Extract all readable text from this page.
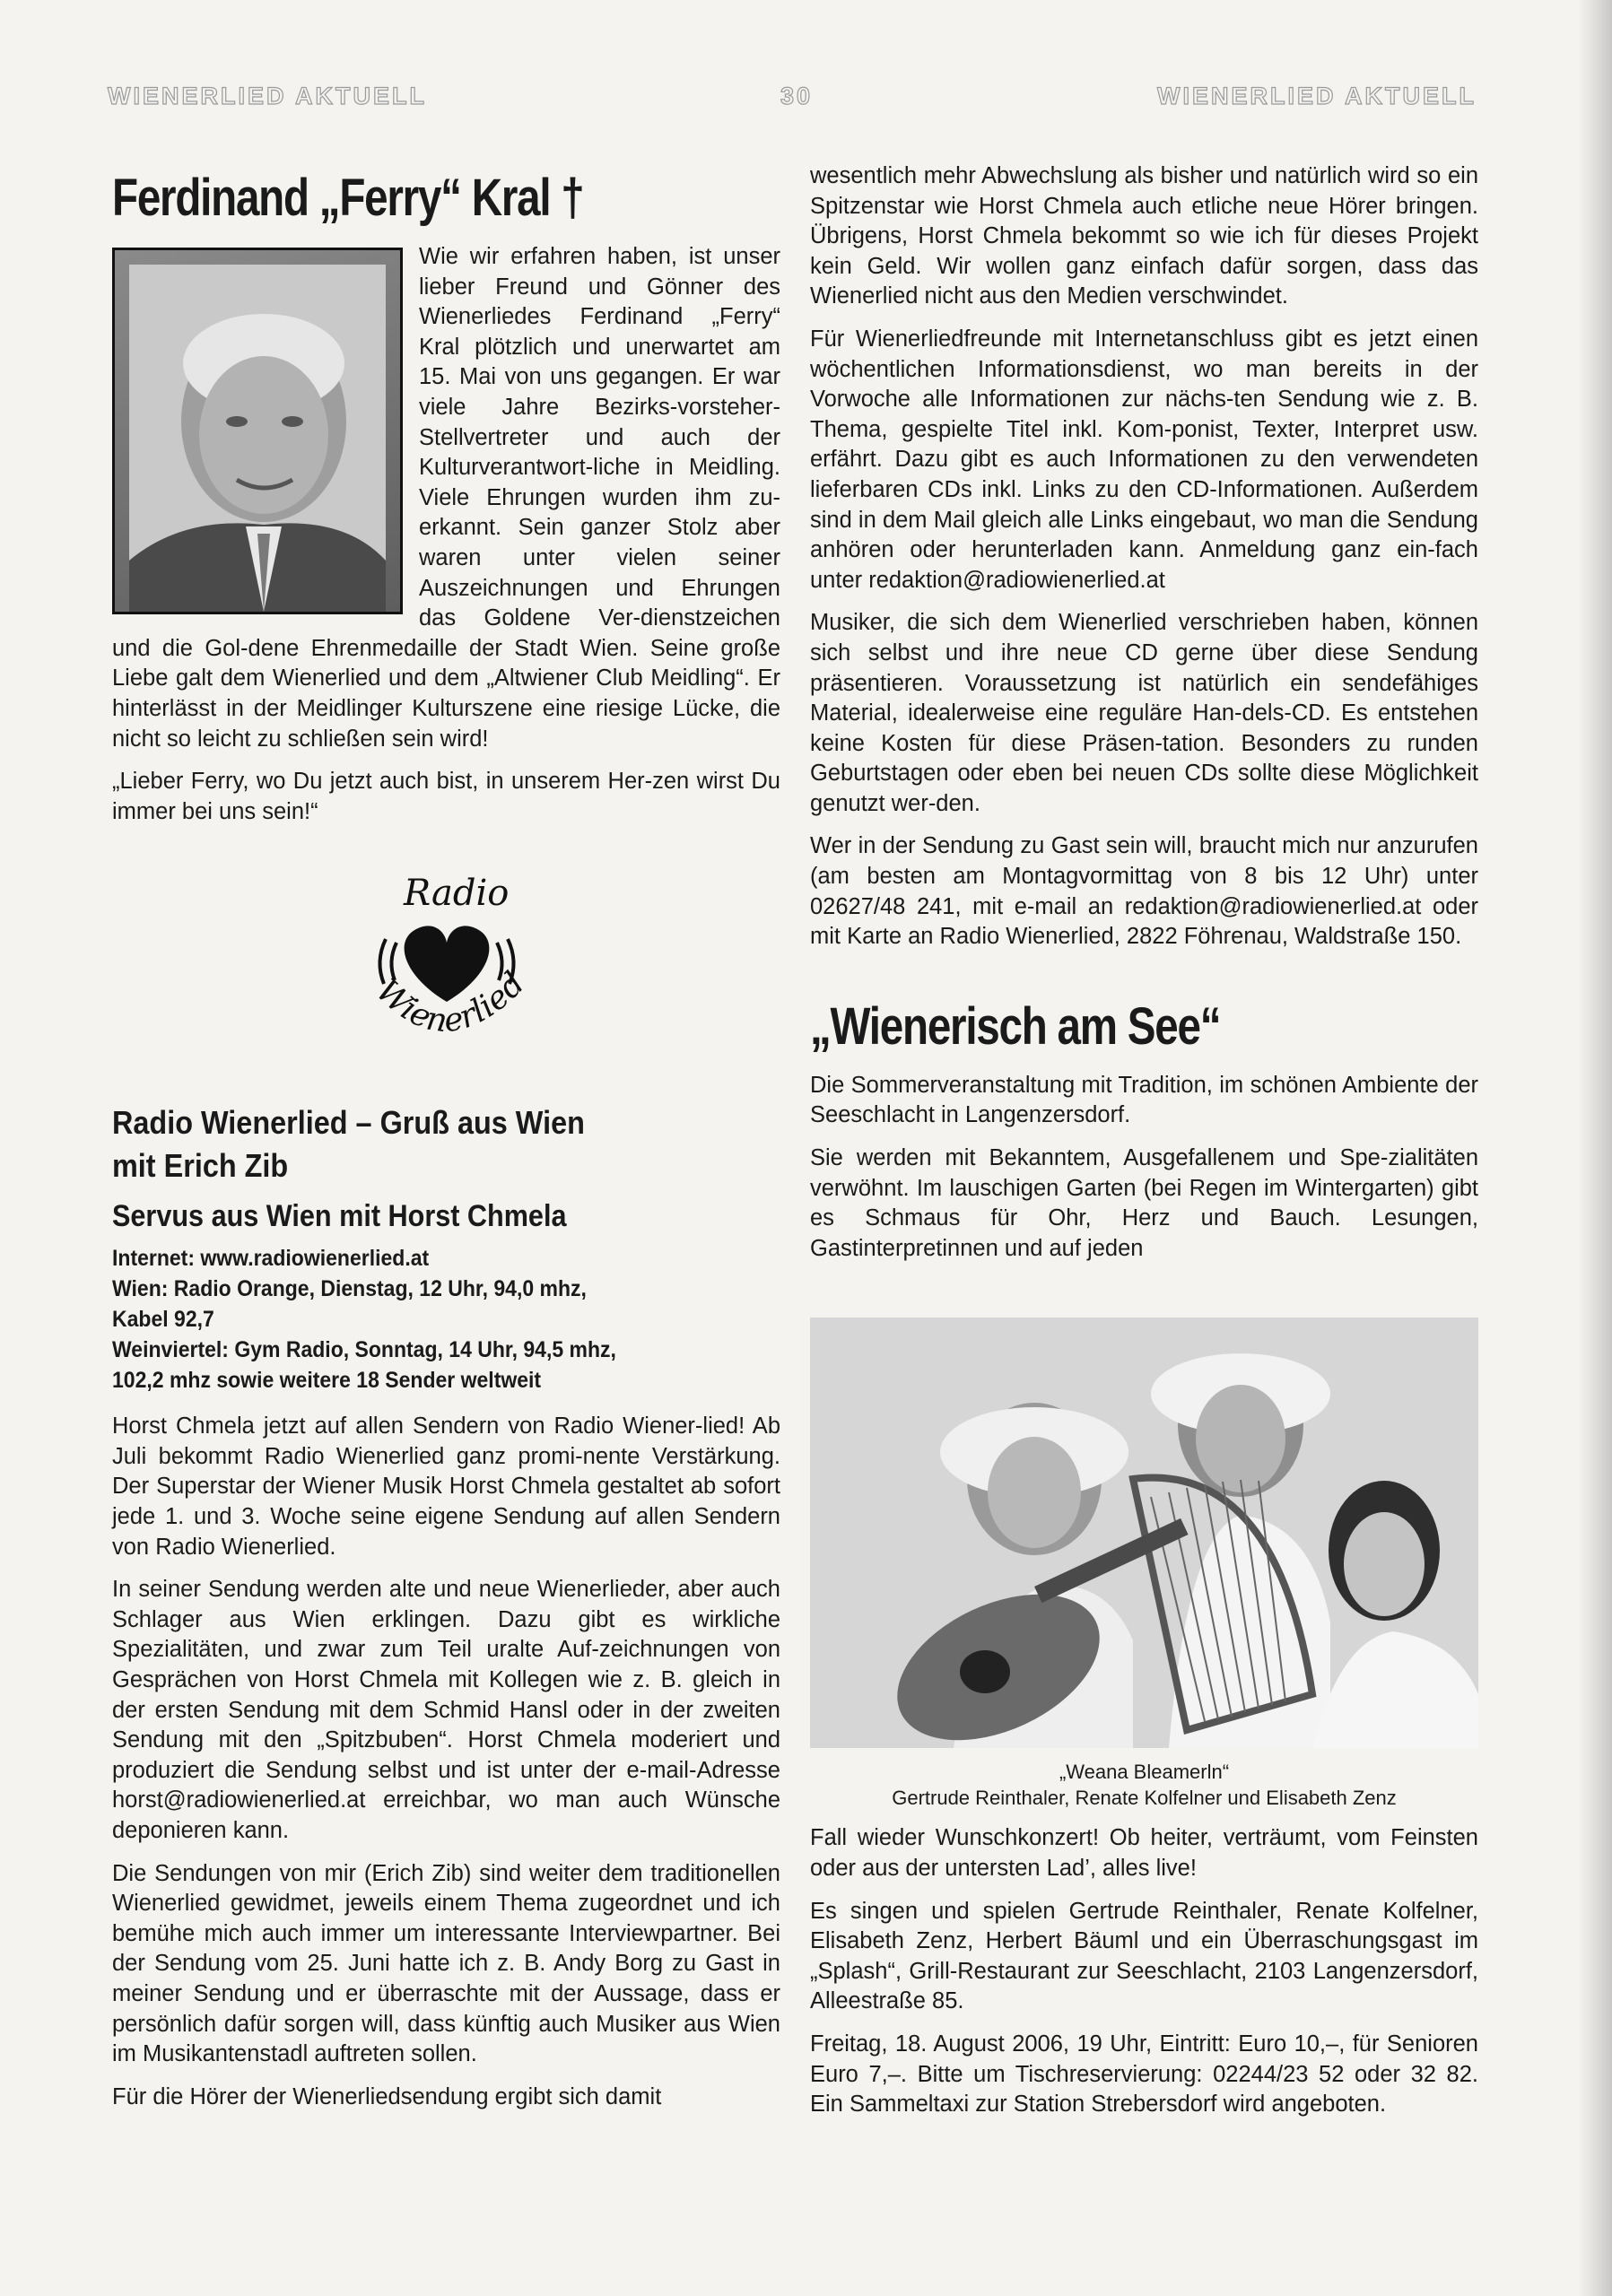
WIENERLIED AKTUELL	30	WIENERLIED AKTUELL
Ferdinand „Ferry“ Kral †

Wie wir erfahren haben, ist unser lieber Freund und Gönner des Wienerliedes Ferdinand „Ferry“ Kral plötzlich und unerwartet am 15. Mai von uns gegangen. Er war viele Jahre Bezirks-vorsteher-Stellvertreter und auch der Kulturverantwort-liche in Meidling. Viele Ehrungen wurden ihm zu-erkannt. Sein ganzer Stolz aber waren unter vielen seiner Auszeichnungen und Ehrungen das Goldene Ver-dienstzeichen und die Gol-dene Ehrenmedaille der Stadt Wien. Seine große Liebe galt dem Wienerlied und dem „Altwiener Club Meidling“. Er hinterlässt in der Meidlinger Kulturszene eine riesige Lücke, die nicht so leicht zu schließen sein wird!

„Lieber Ferry, wo Du jetzt auch bist, in unserem Her-zen wirst Du immer bei uns sein!“

Radio
Wienerlied
Radio Wienerlied – Gruß aus Wien
mit Erich Zib
Servus aus Wien mit Horst Chmela

Internet: www.radiowienerlied.at

Wien: Radio Orange, Dienstag, 12 Uhr, 94,0 mhz,

Kabel 92,7

Weinviertel: Gym Radio, Sonntag, 14 Uhr, 94,5 mhz,

102,2 mhz sowie weitere 18 Sender weltweit

Horst Chmela jetzt auf allen Sendern von Radio Wiener-lied! Ab Juli bekommt Radio Wienerlied ganz promi-nente Verstärkung. Der Superstar der Wiener Musik Horst Chmela gestaltet ab sofort jede 1. und 3. Woche seine eigene Sendung auf allen Sendern von Radio Wienerlied.

In seiner Sendung werden alte und neue Wienerlieder, aber auch Schlager aus Wien erklingen. Dazu gibt es wirkliche Spezialitäten, und zwar zum Teil uralte Auf-zeichnungen von Gesprächen von Horst Chmela mit Kollegen wie z. B. gleich in der ersten Sendung mit dem Schmid Hansl oder in der zweiten Sendung mit den „Spitzbuben“. Horst Chmela moderiert und produziert die Sendung selbst und ist unter der e-mail-Adresse horst@radiowienerlied.at erreichbar, wo man auch Wünsche deponieren kann.

Die Sendungen von mir (Erich Zib) sind weiter dem traditionellen Wienerlied gewidmet, jeweils einem Thema zugeordnet und ich bemühe mich auch immer um interessante Interviewpartner. Bei der Sendung vom 25. Juni hatte ich z. B. Andy Borg zu Gast in meiner Sendung und er überraschte mit der Aussage, dass er persönlich dafür sorgen will, dass künftig auch Musiker aus Wien im Musikantenstadl auftreten sollen.

Für die Hörer der Wienerliedsendung ergibt sich damit

wesentlich mehr Abwechslung als bisher und natürlich wird so ein Spitzenstar wie Horst Chmela auch etliche neue Hörer bringen. Übrigens, Horst Chmela bekommt so wie ich für dieses Projekt kein Geld. Wir wollen ganz einfach dafür sorgen, dass das Wienerlied nicht aus den Medien verschwindet.

Für Wienerliedfreunde mit Internetanschluss gibt es jetzt einen wöchentlichen Informationsdienst, wo man bereits in der Vorwoche alle Informationen zur nächs-ten Sendung wie z. B. Thema, gespielte Titel inkl. Kom-ponist, Texter, Interpret usw. erfährt. Dazu gibt es auch Informationen zu den verwendeten lieferbaren CDs inkl. Links zu den CD-Informationen. Außerdem sind in dem Mail gleich alle Links eingebaut, wo man die Sendung anhören oder herunterladen kann. Anmeldung ganz ein-fach unter redaktion@radiowienerlied.at

Musiker, die sich dem Wienerlied verschrieben haben, können sich selbst und ihre neue CD gerne über diese Sendung präsentieren. Voraussetzung ist natürlich ein sendefähiges Material, idealerweise eine reguläre Han-dels-CD. Es entstehen keine Kosten für diese Präsen-tation. Besonders zu runden Geburtstagen oder eben bei neuen CDs sollte diese Möglichkeit genutzt wer-den.

Wer in der Sendung zu Gast sein will, braucht mich nur anzurufen (am besten am Montagvormittag von 8 bis 12 Uhr) unter 02627/48 241, mit e-mail an redaktion@radiowienerlied.at oder mit Karte an Radio Wienerlied, 2822 Föhrenau, Waldstraße 150.

„Wienerisch am See“

Die Sommerveranstaltung mit Tradition, im schönen Ambiente der Seeschlacht in Langenzersdorf.

Sie werden mit Bekanntem, Ausgefallenem und Spe-zialitäten verwöhnt. Im lauschigen Garten (bei Regen im Wintergarten) gibt es Schmaus für Ohr, Herz und Bauch. Lesungen, Gastinterpretinnen und auf jeden

„Weana Bleamerln“
Gertrude Reinthaler, Renate Kolfelner und Elisabeth Zenz

Fall wieder Wunschkonzert! Ob heiter, verträumt, vom Feinsten oder aus der untersten Lad’, alles live!

Es singen und spielen Gertrude Reinthaler, Renate Kolfelner, Elisabeth Zenz, Herbert Bäuml und ein Überraschungsgast im „Splash“, Grill-Restaurant zur Seeschlacht, 2103 Langenzersdorf, Alleestraße 85.

Freitag, 18. August 2006, 19 Uhr, Eintritt: Euro 10,–, für Senioren Euro 7,–. Bitte um Tischreservierung: 02244/23 52 oder 32 82. Ein Sammeltaxi zur Station Strebersdorf wird angeboten.
